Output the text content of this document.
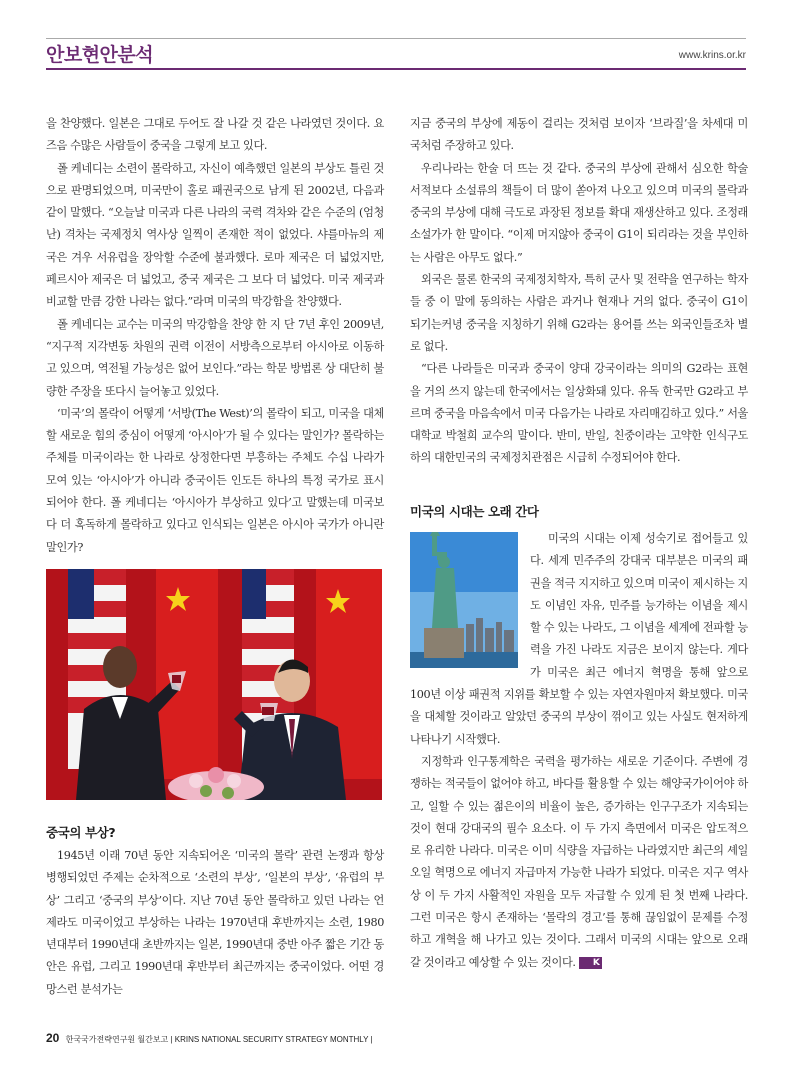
안보현안분석	www.krins.or.kr

을 찬양했다. 일본은 그대로 두어도 잘 나갈 것 같은 나라였던 것이다. 요즈음 수많은 사람들이 중국을 그렇게 보고 있다.

폴 케네디는 소련이 몰락하고, 자신이 예측했던 일본의 부상도 틀린 것으로 판명되었으며, 미국만이 홀로 패권국으로 남게 된 2002년, 다음과 같이 말했다. “오늘날 미국과 다른 나라의 국력 격차와 같은 수준의 (엄청난) 격차는 국제정치 역사상 일찍이 존재한 적이 없었다. 샤를마뉴의 제국은 겨우 서유럽을 장악할 수준에 불과했다. 로마 제국은 더 넓었지만, 페르시아 제국은 더 넓었고, 중국 제국은 그 보다 더 넓었다. 미국 제국과 비교할 만큼 강한 나라는 없다.”라며 미국의 막강함을 찬양했다.

폴 케네디는 교수는 미국의 막강함을 찬양 한 지 단 7년 후인 2009년, “지구적 지각변동 차원의 권력 이전이 서방측으로부터 아시아로 이동하고 있으며, 역전될 가능성은 없어 보인다.”라는 학문 방법론 상 대단히 불량한 주장을 또다시 늘어놓고 있었다.

‘미국’의 몰락이 어떻게 ‘서방(The West)’의 몰락이 되고, 미국을 대체할 새로운 힘의 중심이 어떻게 ‘아시아’가 될 수 있다는 말인가? 몰락하는 주체를 미국이라는 한 나라로 상정한다면 부흥하는 주체도 수십 나라가 모여 있는 ‘아시아’가 아니라 중국이든 인도든 하나의 특정 국가로 표시되어야 한다. 폴 케네디는 ‘아시아가 부상하고 있다’고 말했는데 미국보다 더 혹독하게 몰락하고 있다고 인식되는 일본은 아시아 국가가 아니란 말인가?

중국의 부상?

1945년 이래 70년 동안 지속되어온 ‘미국의 몰락’ 관련 논쟁과 항상 병행되었던 주제는 순차적으로 ‘소련의 부상’, ‘일본의 부상’, ‘유럽의 부상’ 그리고 ‘중국의 부상’이다. 지난 70년 동안 몰락하고 있던 나라는 언제라도 미국이었고 부상하는 나라는 1970년대 후반까지는 소련, 1980년대부터 1990년대 초반까지는 일본, 1990년대 중반 아주 짧은 기간 동안은 유럽, 그리고 1990년대 후반부터 최근까지는 중국이었다. 어떤 경망스런 분석가는

지금 중국의 부상에 제동이 걸리는 것처럼 보이자 ‘브라질’을 차세대 미국처럼 주장하고 있다.

우리나라는 한술 더 뜨는 것 같다. 중국의 부상에 관해서 심오한 학술 서적보다 소설류의 책들이 더 많이 쏟아져 나오고 있으며 미국의 몰락과 중국의 부상에 대해 극도로 과장된 정보를 확대 재생산하고 있다. 조정래 소설가가 한 말이다. “이제 머지않아 중국이 G1이 되리라는 것을 부인하는 사람은 아무도 없다.”

외국은 물론 한국의 국제정치학자, 특히 군사 및 전략을 연구하는 학자들 중 이 말에 동의하는 사람은 과거나 현재나 거의 없다. 중국이 G1이 되기는커녕 중국을 지칭하기 위해 G2라는 용어를 쓰는 외국인들조차 별로 없다.

“다른 나라들은 미국과 중국이 양대 강국이라는 의미의 G2라는 표현을 거의 쓰지 않는데 한국에서는 일상화돼 있다. 유독 한국만 G2라고 부르며 중국을 마음속에서 미국 다음가는 나라로 자리매김하고 있다.” 서울대학교 박철희 교수의 말이다. 반미, 반일, 친중이라는 고약한 인식구도 하의 대한민국의 국제정치관점은 시급히 수정되어야 한다.

미국의 시대는 오래 간다

미국의 시대는 이제 성숙기로 접어들고 있다. 세계 민주주의 강대국 대부분은 미국의 패권을 적극 지지하고 있으며 미국이 제시하는 지도 이념인 자유, 민주를 능가하는 이념을 제시할 수 있는 나라도, 그 이념을 세계에 전파할 능력을 가진 나라도 지금은 보이지 않는다. 게다가 미국은 최근 에너지 혁명을 통해 앞으로 100년 이상 패권적 지위를 확보할 수 있는 자연자원마저 확보했다. 미국을 대체할 것이라고 알았던 중국의 부상이 꺾이고 있는 사실도 현저하게 나타나기 시작했다.

지정학과 인구통계학은 국력을 평가하는 새로운 기준이다. 주변에 경쟁하는 적국들이 없어야 하고, 바다를 활용할 수 있는 해양국가이어야 하고, 일할 수 있는 젊은이의 비율이 높은, 증가하는 인구구조가 지속되는 것이 현대 강대국의 필수 요소다. 이 두 가지 측면에서 미국은 압도적으로 유리한 나라다. 미국은 이미 식량을 자급하는 나라였지만 최근의 셰일오일 혁명으로 에너지 자급마저 가능한 나라가 되었다. 미국은 지구 역사상 이 두 가지 사활적인 자원을 모두 자급할 수 있게 된 첫 번째 나라다. 그런 미국은 항시 존재하는 ‘몰락의 경고’를 통해 끊임없이 문제를 수정하고 개혁을 해 나가고 있는 것이다. 그래서 미국의 시대는 앞으로 오래갈 것이라고 예상할 수 있는 것이다. K

20 한국국가전략연구원 월간보고 | KRINS NATIONAL SECURITY STRATEGY MONTHLY |
